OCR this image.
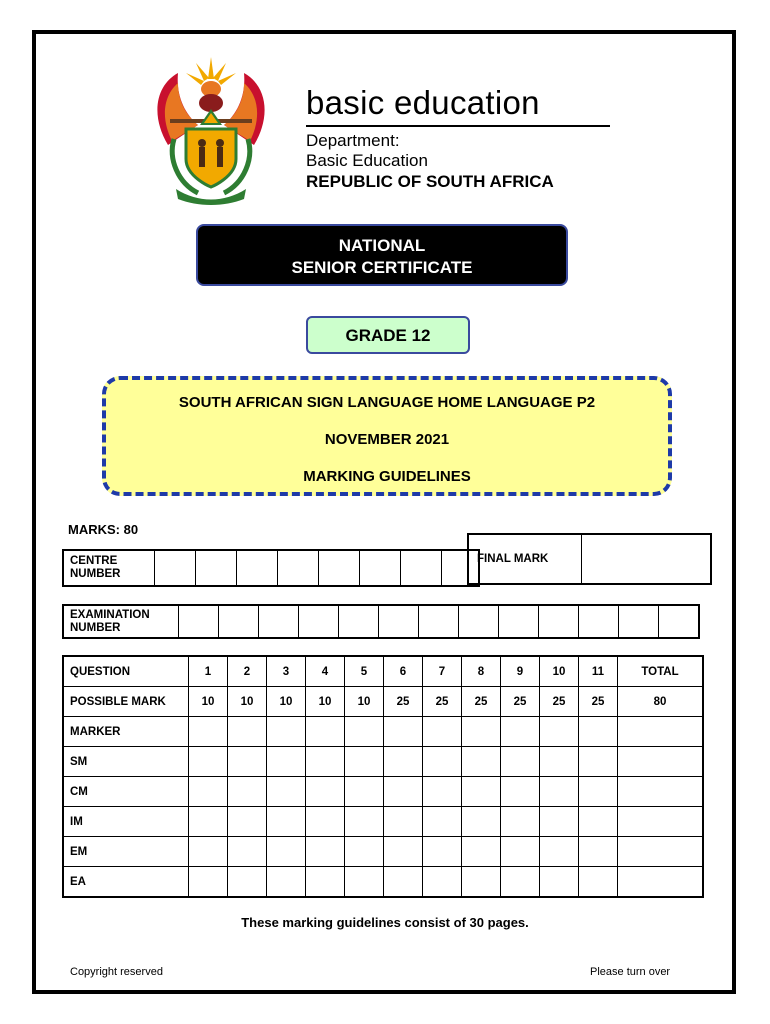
basic education
Department:
Basic Education
REPUBLIC OF SOUTH AFRICA
NATIONAL
SENIOR CERTIFICATE
GRADE 12
SOUTH AFRICAN SIGN LANGUAGE HOME LANGUAGE P2
NOVEMBER 2021
MARKING GUIDELINES
MARKS: 80
CENTRE
NUMBER

FINAL MARK	
EXAMINATION
NUMBER

QUESTION	1	2	3	4	5	6	7	8	9	10	11	TOTAL
POSSIBLE MARK	10	10	10	10	10	25	25	25	25	25	25	80
MARKER												
SM												
CM												
IM												
EM												
EA												
These marking guidelines consist of 30 pages.
Copyright reserved	Please turn over
